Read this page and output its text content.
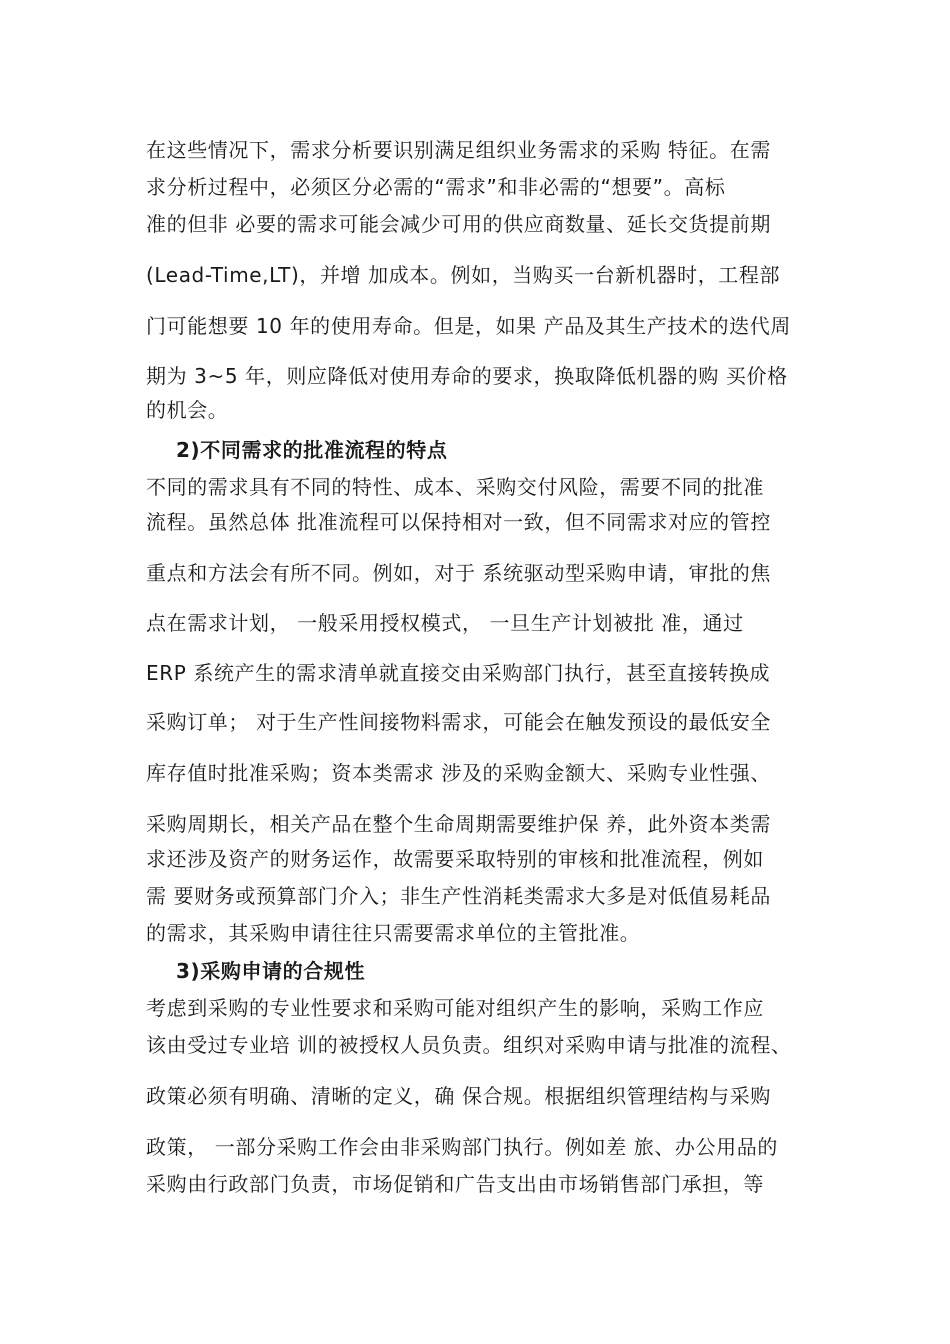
在这些情况下，需求分析要识别满足组织业务需求的采购 特征。在需
求分析过程中，必须区分必需的“需求”和非必需的“想要”。高标
准的但非 必要的需求可能会减少可用的供应商数量、延长交货提前期
(Lead-Time,LT)，并增 加成本。例如，当购买一台新机器时，工程部
门可能想要 10 年的使用寿命。但是，如果 产品及其生产技术的迭代周
期为 3~5 年，则应降低对使用寿命的要求，换取降低机器的购 买价格
的机会。
2)不同需求的批准流程的特点
不同的需求具有不同的特性、成本、采购交付风险，需要不同的批准
流程。虽然总体 批准流程可以保持相对一致，但不同需求对应的管控
重点和方法会有所不同。例如，对于 系统驱动型采购申请，审批的焦
点在需求计划， 一般采用授权模式， 一旦生产计划被批 准，通过
ERP 系统产生的需求清单就直接交由采购部门执行，甚至直接转换成
采购订单； 对于生产性间接物料需求，可能会在触发预设的最低安全
库存值时批准采购；资本类需求 涉及的采购金额大、采购专业性强、
采购周期长，相关产品在整个生命周期需要维护保 养，此外资本类需
求还涉及资产的财务运作，故需要采取特别的审核和批准流程，例如
需 要财务或预算部门介入；非生产性消耗类需求大多是对低值易耗品
的需求，其采购申请往往只需要需求单位的主管批准。
3)采购申请的合规性
考虑到采购的专业性要求和采购可能对组织产生的影响，采购工作应
该由受过专业培 训的被授权人员负责。组织对采购申请与批准的流程、
政策必须有明确、清晰的定义，确 保合规。根据组织管理结构与采购
政策， 一部分采购工作会由非采购部门执行。例如差 旅、办公用品的
采购由行政部门负责，市场促销和广告支出由市场销售部门承担，等
